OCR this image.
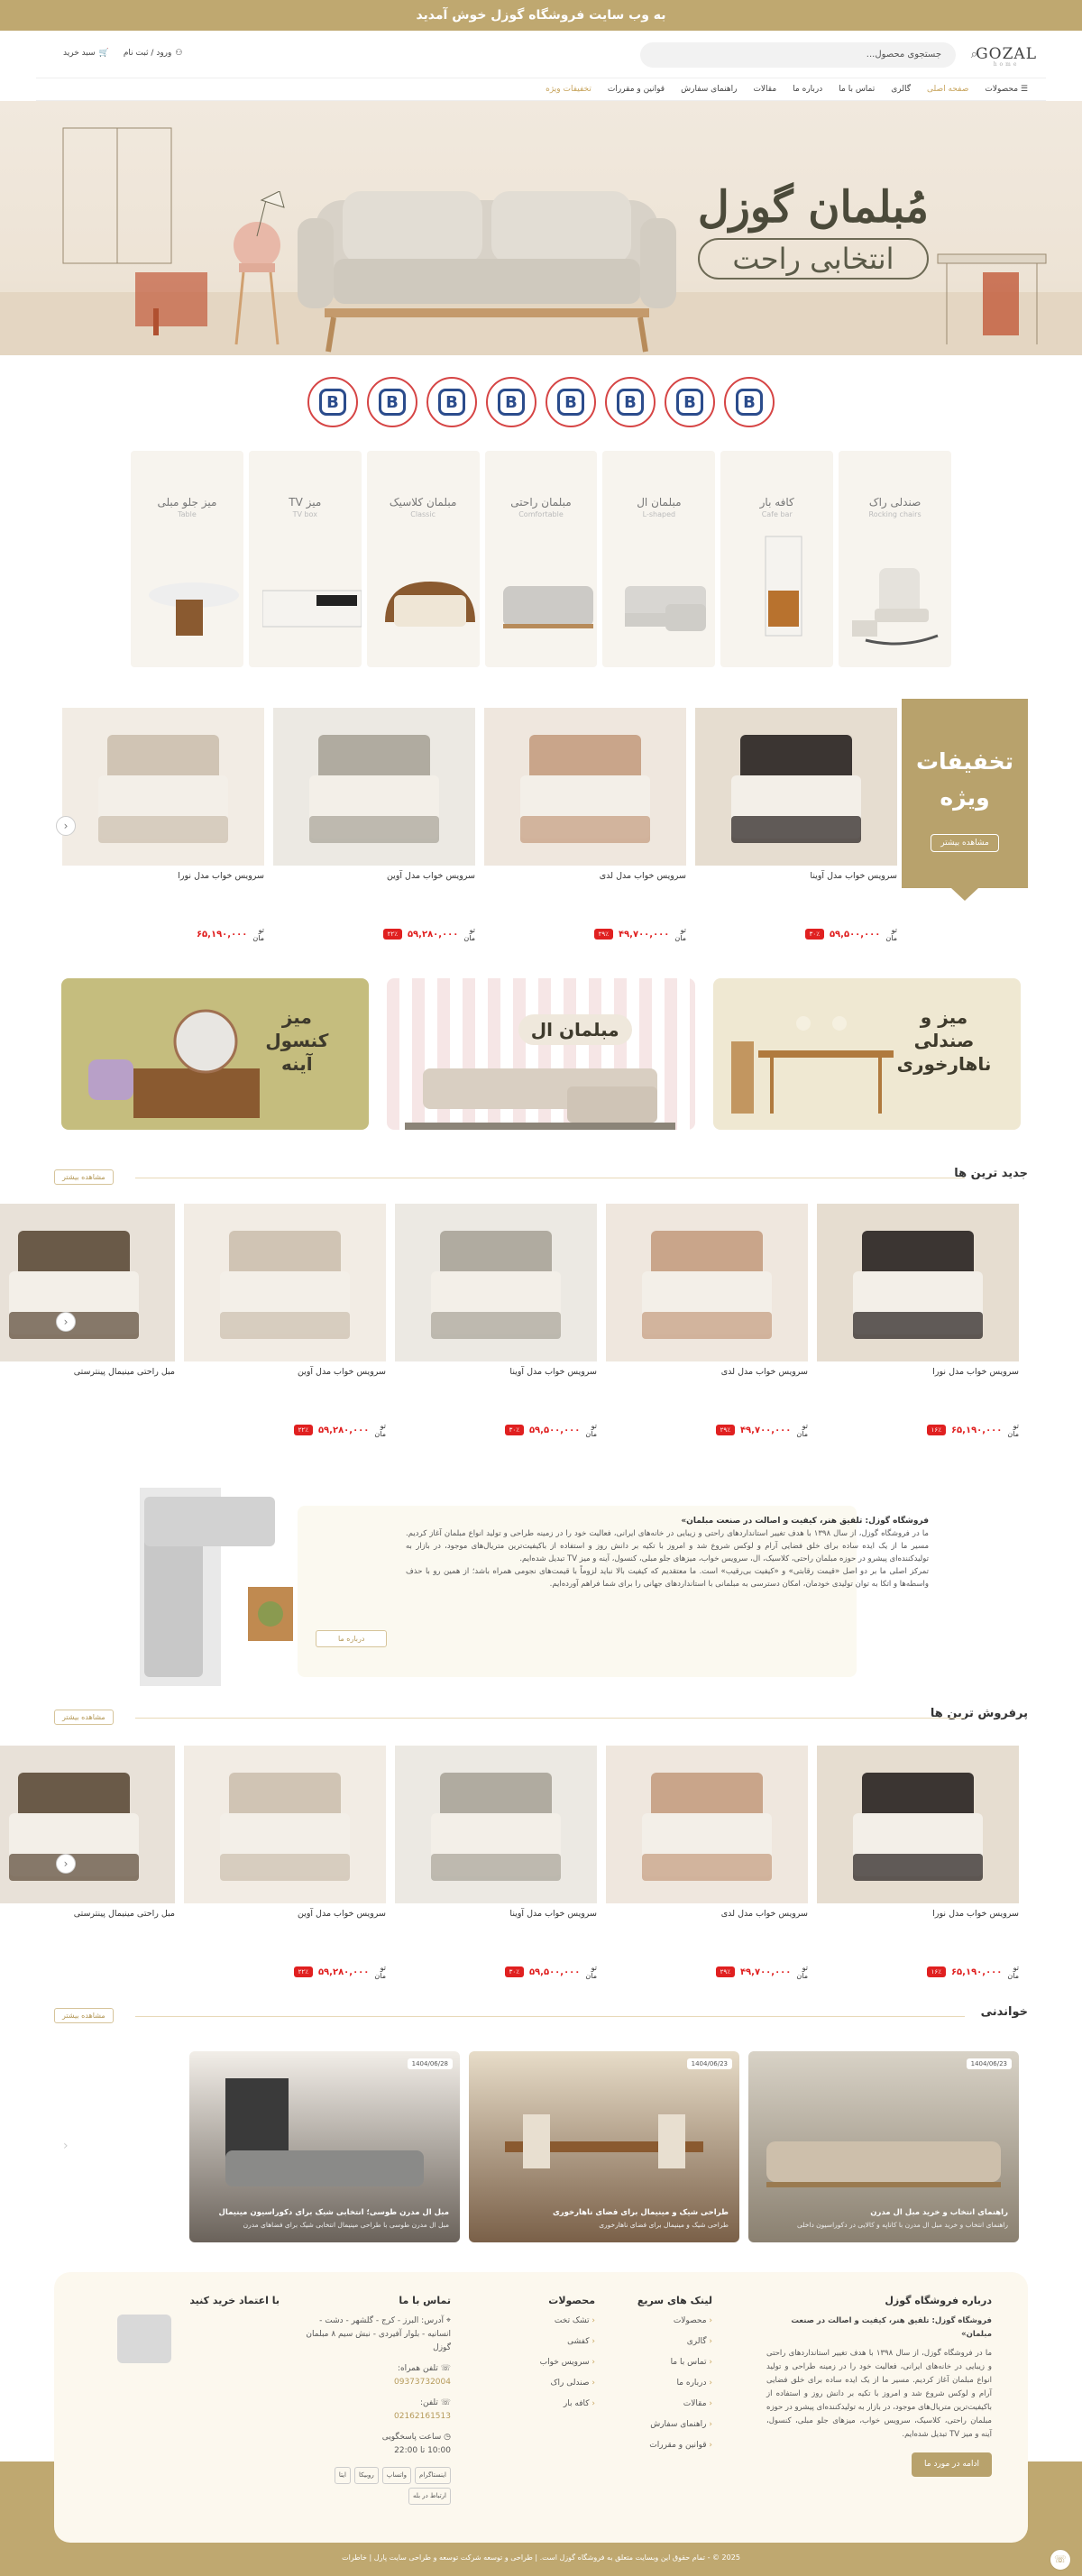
به وب سایت فروشگاه گوزل خوش آمدید
GOZAL
home
جستجوی محصول...	⌕
⚇
ورود / ثبت نام
🛒
سبد خرید
☰ محصولات
صفحه اصلی
گالری
تماس با ما
درباره ما
مقالات
راهنمای سفارش
قوانین و مقررات
تخفیفات ویژه
مُبلمان گوزل
انتخابی راحت
B
B
B
B
B
B
B
B
صندلی راک
Rocking chairs
کافه بار
Cafe bar
مبلمان ال
L-shaped
مبلمان راحتی
Comfortable
مبلمان کلاسیک
Classic
میز TV
TV box
میز جلو مبلی
Table
تخفیفات
ویژه
مشاهده بیشتر
سرویس خواب مدل آوینا
تو
مان
۵۹,۵۰۰,۰۰۰
۳۰٪
سرویس خواب مدل لدی
تو
مان
۴۹,۷۰۰,۰۰۰
۲۹٪
سرویس خواب مدل آوین
تو
مان
۵۹,۲۸۰,۰۰۰
۲۲٪
سرویس خواب مدل نورا
تو
مان
۶۵,۱۹۰,۰۰۰
‹
میز و صندلی ناهارخوری
مبلمان ال
میز کنسول آینه
جدید ترین ها
مشاهده بیشتر
سرویس خواب مدل نورا
تو
مان
۶۵,۱۹۰,۰۰۰
۱۶٪
سرویس خواب مدل لدی
تو
مان
۴۹,۷۰۰,۰۰۰
۲۹٪
سرویس خواب مدل آوینا
تو
مان
۵۹,۵۰۰,۰۰۰
۳۰٪
سرویس خواب مدل آوین
تو
مان
۵۹,۲۸۰,۰۰۰
۲۲٪
مبل راحتی مینیمال پینترستی
‹
فروشگاه گوزل: تلفیق هنر، کیفیت و اصالت در صنعت مبلمان»
ما در فروشگاه گوزل، از سال ۱۳۹۸ با هدف تغییر استانداردهای راحتی و زیبایی در خانه‌های ایرانی، فعالیت خود را در زمینه طراحی و تولید انواع مبلمان آغاز کردیم. مسیر ما از یک ایده ساده برای خلق فضایی آرام و لوکس شروع شد و امروز با تکیه بر دانش روز و استفاده از باکیفیت‌ترین متریال‌های موجود، در بازار به تولیدکننده‌ای پیشرو در حوزه مبلمان راحتی، کلاسیک، ال، سرویس خواب، میزهای جلو مبلی، کنسول، آینه و میز TV تبدیل شده‌ایم.
تمرکز اصلی ما بر دو اصل «قیمت رقابتی» و «کیفیت بی‌رقیب» است. ما معتقدیم که کیفیت بالا نباید لزوماً با قیمت‌های نجومی همراه باشد؛ از همین رو با حذف واسطه‌ها و اتکا به توان تولیدی خودمان، امکان دسترسی به مبلمانی با استانداردهای جهانی را برای شما فراهم آورده‌ایم.
درباره ما
پرفروش ترین ها
مشاهده بیشتر
سرویس خواب مدل نورا
تو
مان
۶۵,۱۹۰,۰۰۰
۱۶٪
سرویس خواب مدل لدی
تو
مان
۴۹,۷۰۰,۰۰۰
۲۹٪
سرویس خواب مدل آوینا
تو
مان
۵۹,۵۰۰,۰۰۰
۳۰٪
سرویس خواب مدل آوین
تو
مان
۵۹,۲۸۰,۰۰۰
۲۲٪
مبل راحتی مینیمال پینترستی
‹
خواندنی
مشاهده بیشتر
1404/06/23
راهنمای انتخاب و خرید مبل ال مدرن
راهنمای انتخاب و خرید مبل ال مدرن با کاناپه و کالایی در دکوراسیون داخلی
1404/06/23
طراحی شیک و مینیمال برای فضای ناهارخوری
طراحی شیک و مینیمال برای فضای ناهارخوری
1404/06/28
مبل ال مدرن طوسی؛ انتخابی شیک برای دکوراسیون مینیمال
مبل ال مدرن طوسی با طراحی مینیمال انتخابی شیک برای فضاهای مدرن
‹
درباره فروشگاه گوزل
فروشگاه گوزل: تلفیق هنر، کیفیت و اصالت در صنعت مبلمان»

ما در فروشگاه گوزل، از سال ۱۳۹۸ با هدف تغییر استانداردهای راحتی و زیبایی در خانه‌های ایرانی، فعالیت خود را در زمینه طراحی و تولید انواع مبلمان آغاز کردیم. مسیر ما از یک ایده ساده برای خلق فضایی آرام و لوکس شروع شد و امروز با تکیه بر دانش روز و استفاده از باکیفیت‌ترین متریال‌های موجود، در بازار به تولیدکننده‌ای پیشرو در حوزه مبلمان راحتی، کلاسیک، سرویس خواب، میزهای جلو مبلی، کنسول، آینه و میز TV تبدیل شده‌ایم.

ادامه در مورد ما
لینک های سریع
‹ محصولات
‹ گالری
‹ تماس با ما
‹ درباره ما
‹ مقالات
‹ راهنمای سفارش
‹ قوانین و مقررات
محصولات
‹ تشک تخت
‹ کفشی
‹ سرویس خواب
‹ صندلی راک
‹ کافه بار
تماس با ما

⌖ آدرس: البرز - کرج - گلشهر - دشت - انسانیه - بلوار آفیردی - نبش سیم ۸ مبلمان گوزل

☏ تلفن همراه:
09373732004

☏ تلفن:
02162161513

◷ ساعت پاسخگویی
10:00 تا 22:00

اینستاگرام
واتساپ
روبیکا
ایتا
ارتباط در بله
با اعتماد خرید کنید
2025 © - تمام حقوق این وبسایت متعلق به فروشگاه گوزل است. | طراحی و توسعه شرکت توسعه و طراحی سایت پارل | خاطرات	☏
